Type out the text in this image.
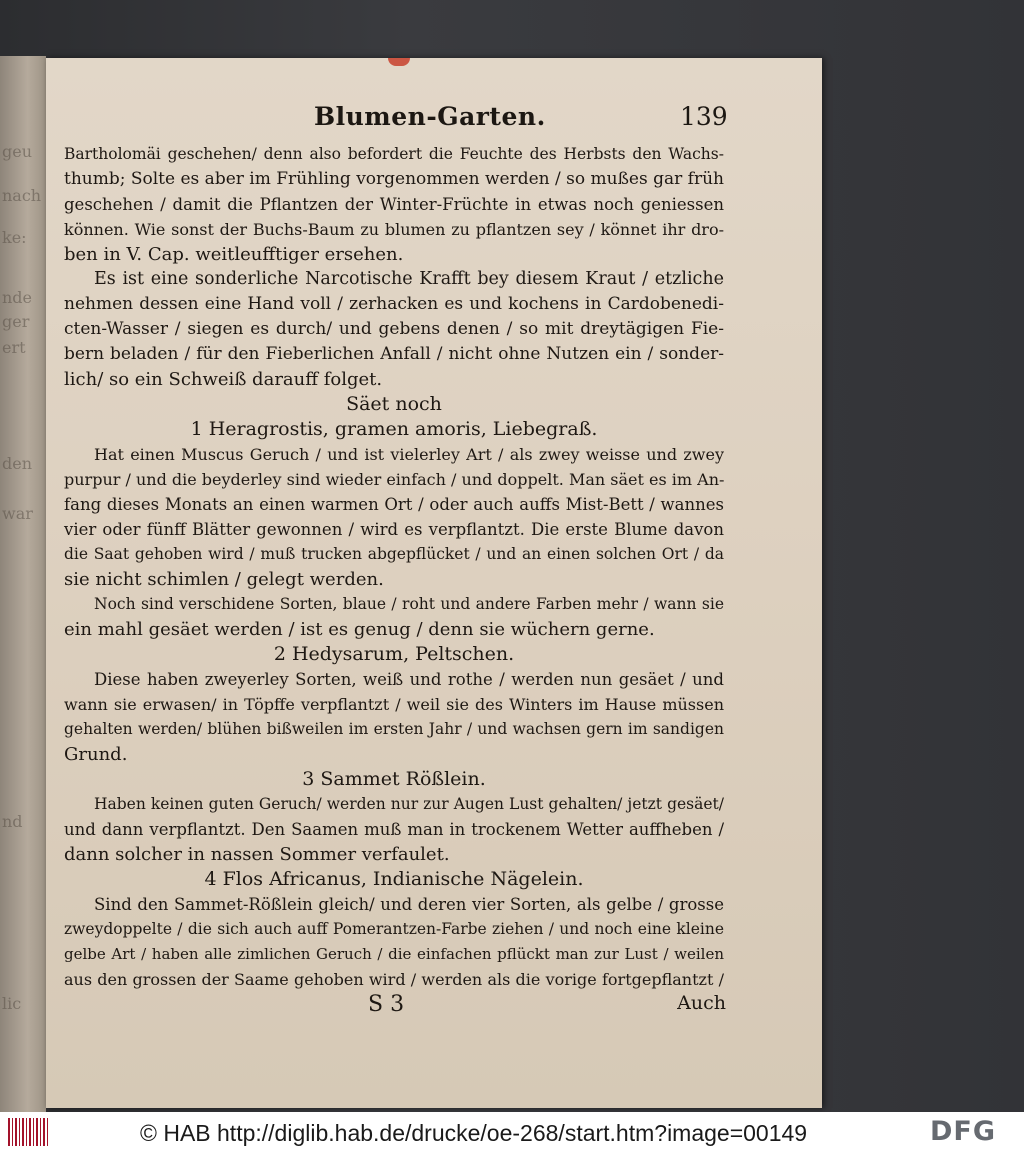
geu
nach
ke:
nde
ger
ert
den
war
nd
lic
Blumen-Garten.	139
Bartholomäi geschehen/ denn also befordert die Feuchte des Herbsts den Wachs-
thumb; Solte es aber im Frühling vorgenommen werden / so mußes gar früh
geschehen / damit die Pflantzen der Winter-Früchte in etwas noch geniessen
können. Wie sonst der Buchs-Baum zu blumen zu pflantzen sey / könnet ihr dro-
ben in V. Cap. weitleufftiger ersehen.
Es ist eine sonderliche Narcotische Krafft bey diesem Kraut / etzliche
nehmen dessen eine Hand voll / zerhacken es und kochens in Cardobenedi-
cten-Wasser / siegen es durch/ und gebens denen / so mit dreytägigen Fie-
bern beladen / für den Fieberlichen Anfall / nicht ohne Nutzen ein / sonder-
lich/ so ein Schweiß darauff folget.
Säet noch
1 Heragrostis, gramen amoris, Liebegraß.
Hat einen Muscus Geruch / und ist vielerley Art / als zwey weisse und zwey
purpur / und die beyderley sind wieder einfach / und doppelt. Man säet es im An-
fang dieses Monats an einen warmen Ort / oder auch auffs Mist-Bett / wannes
vier oder fünff Blätter gewonnen / wird es verpflantzt. Die erste Blume davon
die Saat gehoben wird / muß trucken abgepflücket / und an einen solchen Ort / da
sie nicht schimlen / gelegt werden.
Noch sind verschidene Sorten, blaue / roht und andere Farben mehr / wann sie
ein mahl gesäet werden / ist es genug / denn sie wüchern gerne.
2 Hedysarum, Peltschen.
Diese haben zweyerley Sorten, weiß und rothe / werden nun gesäet / und
wann sie erwasen/ in Töpffe verpflantzt / weil sie des Winters im Hause müssen
gehalten werden/ blühen bißweilen im ersten Jahr / und wachsen gern im sandigen
Grund.
3 Sammet Rößlein.
Haben keinen guten Geruch/ werden nur zur Augen Lust gehalten/ jetzt gesäet/
und dann verpflantzt. Den Saamen muß man in trockenem Wetter auffheben /
dann solcher in nassen Sommer verfaulet.
4 Flos Africanus, Indianische Nägelein.
Sind den Sammet-Rößlein gleich/ und deren vier Sorten, als gelbe / grosse
zweydoppelte / die sich auch auff Pomerantzen-Farbe ziehen / und noch eine kleine
gelbe Art / haben alle zimlichen Geruch / die einfachen pflückt man zur Lust / weilen
aus den grossen der Saame gehoben wird / werden als die vorige fortgepflantzt /
S 3	Auch
© HAB http://diglib.hab.de/drucke/oe-268/start.htm?image=00149	DFG
